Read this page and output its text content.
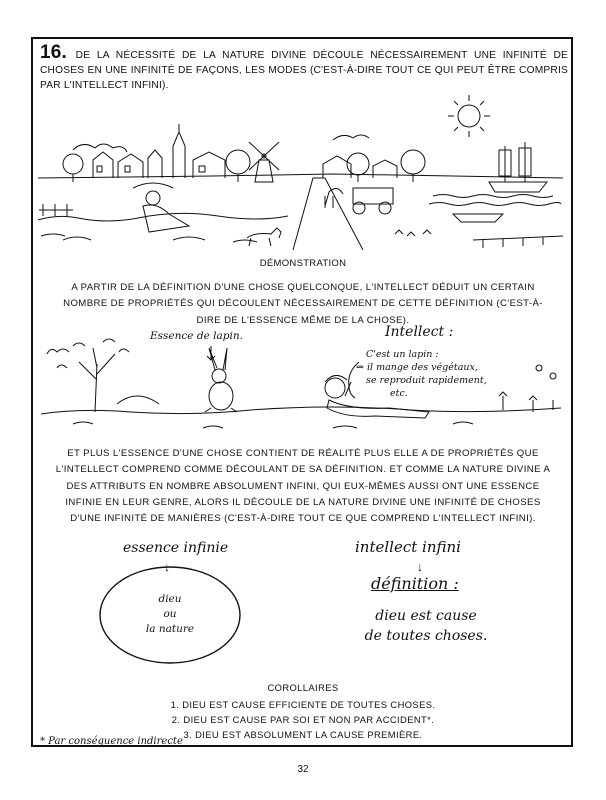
16. DE LA NÉCESSITÉ DE LA NATURE DIVINE DÉCOULE NÉCESSAIREMENT UNE INFINITÉ DE CHOSES EN UNE INFINITÉ DE FAÇONS, LES MODES (C'EST-À-DIRE TOUT CE QUI PEUT ÊTRE COMPRIS PAR L'INTELLECT INFINI).
DÉMONSTRATION
A PARTIR DE LA DÉFINITION D'UNE CHOSE QUELCONQUE, L'INTELLECT DÉDUIT UN CERTAIN NOMBRE DE PROPRIÉTÉS QUI DÉCOULENT NÉCESSAIREMENT DE CETTE DÉFINITION (C'EST-À-DIRE DE L'ESSENCE MÊME DE LA CHOSE).
Essence de lapin.	Intellect :
C'est un lapin :
⇒ il mange des végétaux,
se reproduit rapidement,
etc.
ET PLUS L'ESSENCE D'UNE CHOSE CONTIENT DE RÉALITÉ PLUS ELLE A DE PROPRIÉTÉS QUE L'INTELLECT COMPREND COMME DÉCOULANT DE SA DÉFINITION. ET COMME LA NATURE DIVINE A DES ATTRIBUTS EN NOMBRE ABSOLUMENT INFINI, QUI EUX-MÊMES AUSSI ONT UNE ESSENCE INFINIE EN LEUR GENRE, ALORS IL DÉCOULE DE LA NATURE DIVINE UNE INFINITÉ DE CHOSES D'UNE INFINITÉ DE MANIÈRES (C'EST-À-DIRE TOUT CE QUE COMPREND L'INTELLECT INFINI).
essence infinie
↓
dieu
ou
la nature
intellect infini
↓
définition :
dieu est cause
de toutes choses.
COROLLAIRES
1. DIEU EST CAUSE EFFICIENTE DE TOUTES CHOSES.
2. DIEU EST CAUSE PAR SOI ET NON PAR ACCIDENT*.
3. DIEU EST ABSOLUMENT LA CAUSE PREMIÈRE.
* Par conséquence indirecte
32
